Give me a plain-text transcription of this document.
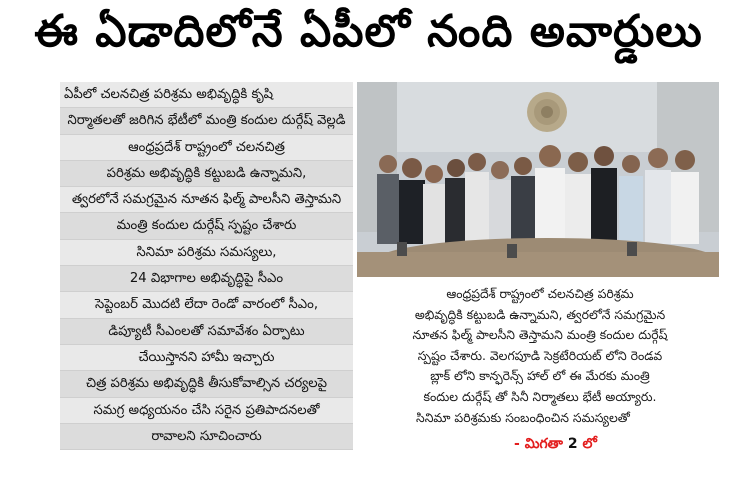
ఈ ఏడాదిలోనే ఏపీలో నంది అవార్డులు
ఏపీలో చలనచిత్ర పరిశ్రమ అభివృద్ధికి కృషి
నిర్మాతలతో జరిగిన భేటీలో మంత్రి కందుల దుర్గేష్ వెల్లడి
ఆంధ్రప్రదేశ్ రాష్ట్రంలో చలనచిత్ర
పరిశ్రమ అభివృద్ధికి కట్టుబడి ఉన్నామని,
త్వరలోనే సమగ్రమైన నూతన ఫిల్మ్ పాలసీని తెస్తామని
మంత్రి కందుల దుర్గేష్ స్పష్టం చేశారు
సినిమా పరిశ్రమ సమస్యలు,
24 విభాగాల అభివృద్ధిపై సీఎం
సెప్టెంబర్ మొదటి లేదా రెండో వారంలో సీఎం,
డిప్యూటీ సీఎంలతో సమావేశం ఏర్పాటు
చేయిస్తానని హామీ ఇచ్చారు
చిత్ర పరిశ్రమ అభివృద్ధికి తీసుకోవాల్సిన చర్యలపై
సమగ్ర అధ్యయనం చేసి సరైన ప్రతిపాదనలతో
రావాలని సూచించారు
ఆంధ్రప్రదేశ్ రాష్ట్రంలో చలనచిత్ర పరిశ్రమ
అభివృద్ధికి కట్టుబడి ఉన్నామని, త్వరలోనే సమగ్రమైన
నూతన ఫిల్మ్ పాలసీని తెస్తామని మంత్రి కందుల దుర్గేష్
స్పష్టం చేశారు. వెలగపూడి సెక్రటేరియట్ లోని రెండవ
బ్లాక్ లోని కాన్ఫరెన్స్ హాల్ లో ఈ మేరకు మంత్రి
కందుల దుర్గేష్ తో సినీ నిర్మాతలు భేటీ అయ్యారు.
సినిమా పరిశ్రమకు సంబంధించిన సమస్యలతో
- మిగతా 2 లో
